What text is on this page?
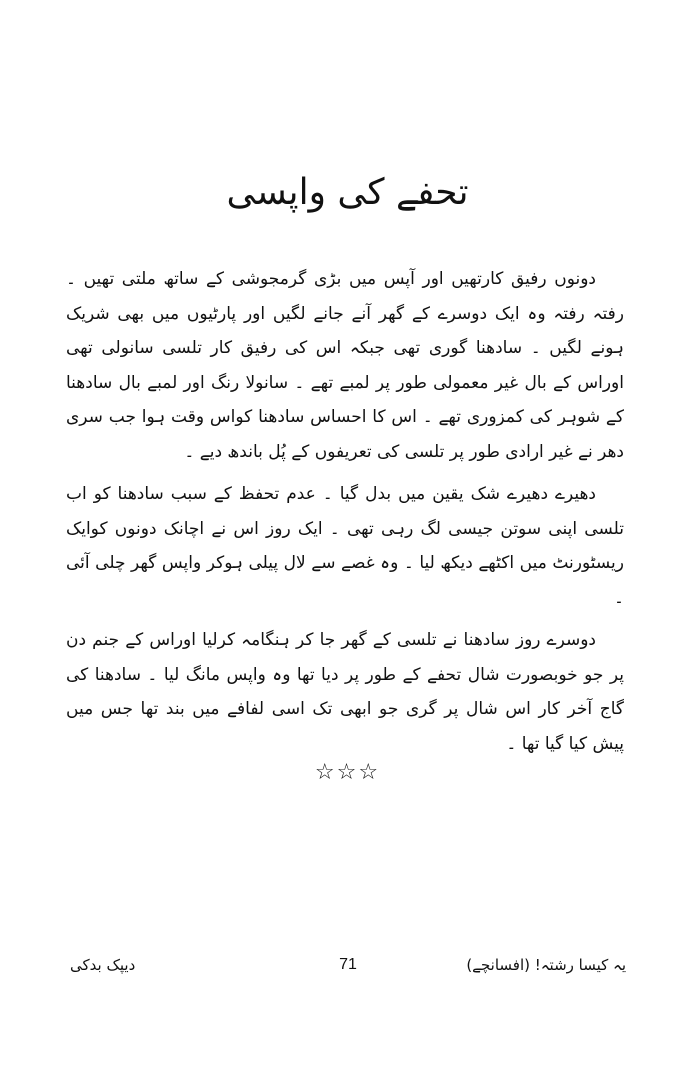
تحفے کی واپسی

دونوں رفیق کارتھیں اور آپس میں بڑی گرمجوشی کے ساتھ ملتی تھیں ۔ رفتہ رفتہ وہ ایک دوسرے کے گھر آنے جانے لگیں اور پارٹیوں میں بھی شریک ہونے لگیں ۔ سادھنا گوری تھی جبکہ اس کی رفیق کار تلسی سانولی تھی اوراس کے بال غیر معمولی طور پر لمبے تھے ۔ سانولا رنگ اور لمبے بال سادھنا کے شوہر کی کمزوری تھے ۔ اس کا احساس سادھنا کواس وقت ہوا جب سری دھر نے غیر ارادی طور پر تلسی کی تعریفوں کے پُل باندھ دیے ۔

دھیرے دھیرے شک یقین میں بدل گیا ۔ عدم تحفظ کے سبب سادھنا کو اب تلسی اپنی سوتن جیسی لگ رہی تھی ۔ ایک روز اس نے اچانک دونوں کوایک ریسٹورنٹ میں اکٹھے دیکھ لیا ۔ وہ غصے سے لال پیلی ہوکر واپس گھر چلی آئی ۔

دوسرے روز سادھنا نے تلسی کے گھر جا کر ہنگامہ کرلیا اوراس کے جنم دن پر جو خوبصورت شال تحفے کے طور پر دیا تھا وہ واپس مانگ لیا ۔ سادھنا کی گاج آخر کار اس شال پر گری جو ابھی تک اسی لفافے میں بند تھا جس میں پیش کیا گیا تھا ۔

☆☆☆
دیپک بدکی	71	یہ کیسا رشتہ! (افسانچے)
